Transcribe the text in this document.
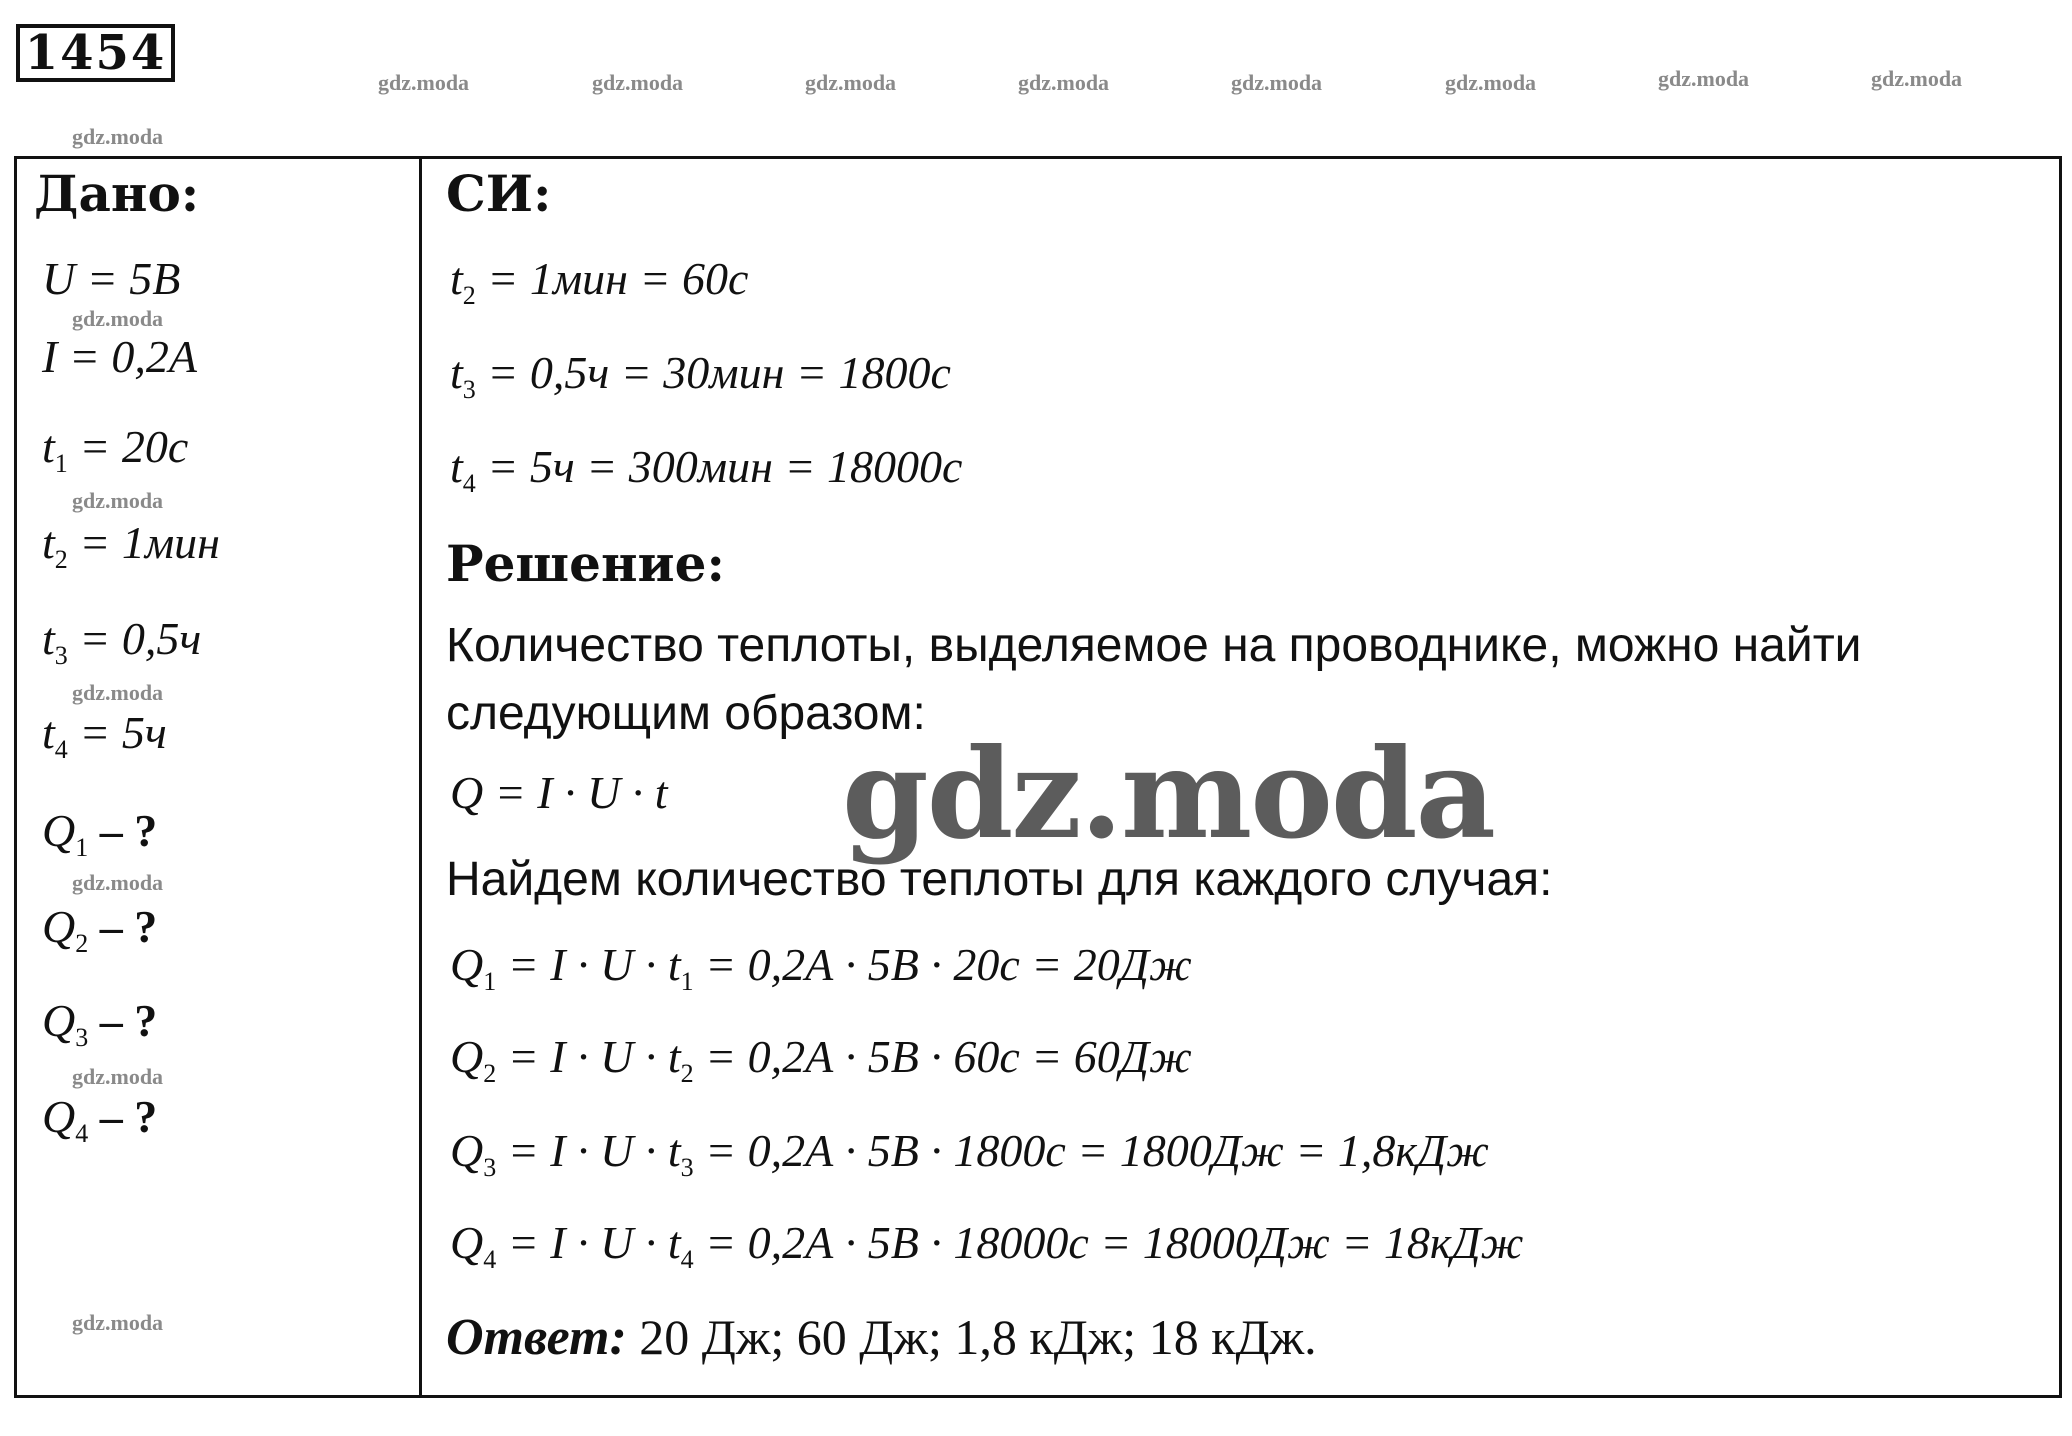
1454
gdz.moda	gdz.moda	gdz.moda	gdz.moda	gdz.moda	gdz.moda	gdz.moda	gdz.moda
gdz.moda
gdz.moda
gdz.moda
gdz.moda
gdz.moda
gdz.moda
gdz.moda
Дано:
U = 5В
I = 0,2А
$t_1 = 20с$
$t_2 = 1мин$
$t_3 = 0,5ч$
$t_4 = 5ч$
$Q_1$ – ?
$Q_2$ – ?
$Q_3$ – ?
$Q_4$ – ?
СИ:
$t_2 = 1мин = 60с$
$t_3 = 0,5ч = 30мин = 1800с$
$t_4 = 5ч = 300мин = 18000с$
Решение:
Количество теплоты, выделяемое на проводнике, можно найти
следующим образом:
Q = I · U · t
Найдем количество теплоты для каждого случая:
$Q_1 = I \cdot U \cdot t_1 = 0,2А \cdot 5В \cdot 20с = 20Дж$
$Q_2 = I \cdot U \cdot t_2 = 0,2А \cdot 5В \cdot 60с = 60Дж$
$Q_3 = I \cdot U \cdot t_3 = 0,2А \cdot 5В \cdot 1800с = 1800Дж = 1,8кДж$
$Q_4 = I \cdot U \cdot t_4 = 0,2А \cdot 5В \cdot 18000с = 18000Дж = 18кДж$
Ответ: 20 Дж; 60 Дж; 1,8 кДж; 18 кДж.
gdz.moda
